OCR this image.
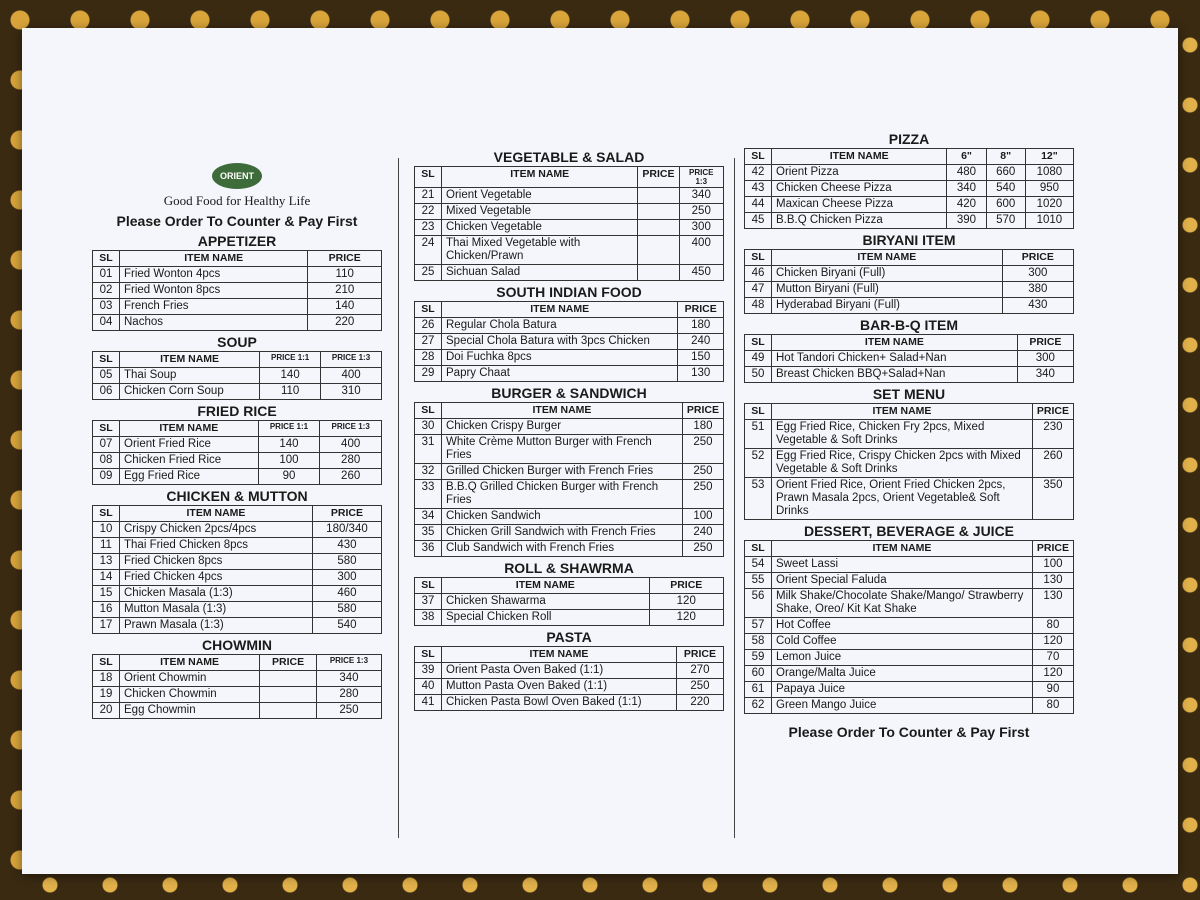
ORIENT
Good Food for Healthy Life
Please Order To Counter & Pay First
APPETIZER
SL	ITEM NAME	PRICE
01	Fried Wonton 4pcs	110
02	Fried Wonton 8pcs	210
03	French Fries	140
04	Nachos	220
SOUP
SL	ITEM NAME	PRICE 1:1	PRICE 1:3
05	Thai Soup	140	400
06	Chicken Corn Soup	110	310
FRIED RICE
SL	ITEM NAME	PRICE 1:1	PRICE 1:3
07	Orient Fried Rice	140	400
08	Chicken Fried Rice	100	280
09	Egg Fried Rice	90	260
CHICKEN & MUTTON
SL	ITEM NAME	PRICE
10	Crispy Chicken 2pcs/4pcs	180/340
11	Thai Fried Chicken 8pcs	430
13	Fried Chicken 8pcs	580
14	Fried Chicken 4pcs	300
15	Chicken Masala (1:3)	460
16	Mutton Masala (1:3)	580
17	Prawn Masala (1:3)	540
CHOWMIN
SL	ITEM NAME	PRICE	PRICE 1:3
18	Orient Chowmin		340
19	Chicken Chowmin		280
20	Egg Chowmin		250
VEGETABLE & SALAD
SL	ITEM NAME	PRICE	PRICE 1:3
21	Orient Vegetable		340
22	Mixed Vegetable		250
23	Chicken Vegetable		300
24	Thai Mixed Vegetable with Chicken/Prawn		400
25	Sichuan Salad		450
SOUTH INDIAN FOOD
SL	ITEM NAME	PRICE
26	Regular Chola Batura	180
27	Special Chola Batura with 3pcs Chicken	240
28	Doi Fuchka 8pcs	150
29	Papry Chaat	130
BURGER & SANDWICH
SL	ITEM NAME	PRICE
30	Chicken Crispy Burger	180
31	White Crème Mutton Burger with French Fries	250
32	Grilled Chicken Burger with French Fries	250
33	B.B.Q Grilled Chicken Burger with French Fries	250
34	Chicken Sandwich	100
35	Chicken Grill Sandwich with French Fries	240
36	Club Sandwich with French Fries	250
ROLL & SHAWRMA
SL	ITEM NAME	PRICE
37	Chicken Shawarma	120
38	Special Chicken Roll	120
PASTA
SL	ITEM NAME	PRICE
39	Orient Pasta Oven Baked (1:1)	270
40	Mutton Pasta Oven Baked (1:1)	250
41	Chicken Pasta Bowl Oven Baked (1:1)	220
PIZZA
SL	ITEM NAME	6"	8"	12"
42	Orient Pizza	480	660	1080
43	Chicken Cheese Pizza	340	540	950
44	Maxican Cheese Pizza	420	600	1020
45	B.B.Q Chicken Pizza	390	570	1010
BIRYANI ITEM
SL	ITEM NAME	PRICE
46	Chicken Biryani (Full)	300
47	Mutton Biryani (Full)	380
48	Hyderabad Biryani (Full)	430
BAR-B-Q ITEM
SL	ITEM NAME	PRICE
49	Hot Tandori Chicken+ Salad+Nan	300
50	Breast Chicken BBQ+Salad+Nan	340
SET MENU
SL	ITEM NAME	PRICE
51	Egg Fried Rice, Chicken Fry 2pcs, Mixed Vegetable & Soft Drinks	230
52	Egg Fried Rice, Crispy Chicken 2pcs with Mixed Vegetable & Soft Drinks	260
53	Orient Fried Rice, Orient Fried Chicken 2pcs, Prawn Masala 2pcs, Orient Vegetable& Soft Drinks	350
DESSERT, BEVERAGE & JUICE
SL	ITEM NAME	PRICE
54	Sweet Lassi	100
55	Orient Special Faluda	130
56	Milk Shake/Chocolate Shake/Mango/ Strawberry Shake, Oreo/ Kit Kat Shake	130
57	Hot Coffee	80
58	Cold Coffee	120
59	Lemon Juice	70
60	Orange/Malta Juice	120
61	Papaya Juice	90
62	Green Mango Juice	80
Please Order To Counter & Pay First
